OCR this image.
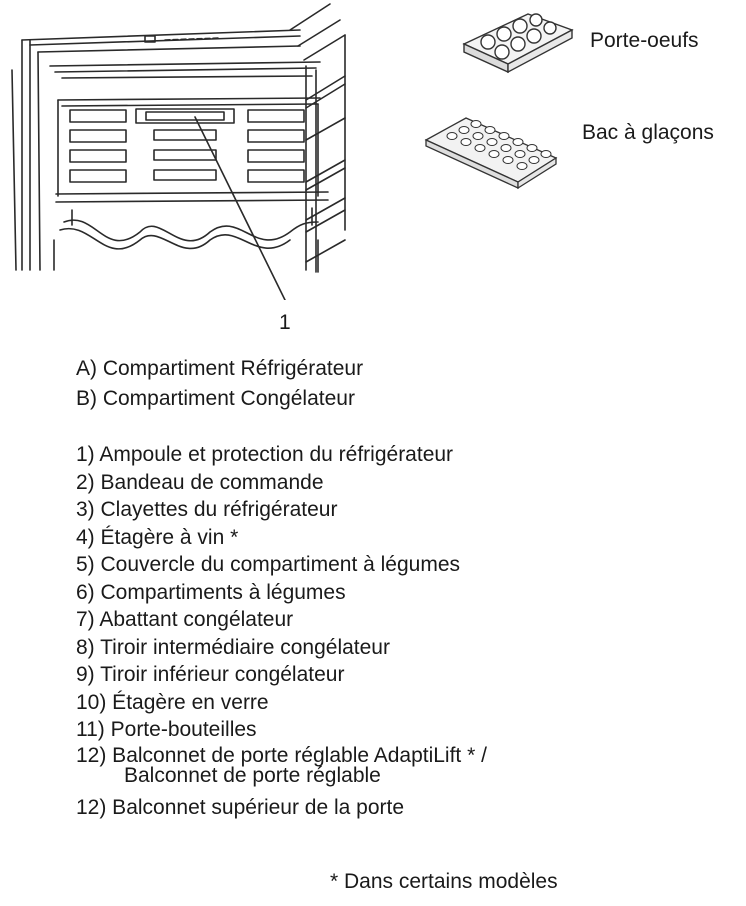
Porte-oeufs
Bac à glaçons
1
A) Compartiment Réfrigérateur
B) Compartiment Congélateur
1) Ampoule et protection du réfrigérateur
2) Bandeau de commande
3) Clayettes du réfrigérateur
4) Étagère à vin *
5) Couvercle du compartiment à légumes
6) Compartiments à légumes
7) Abattant congélateur
8) Tiroir intermédiaire congélateur
9) Tiroir inférieur congélateur
10) Étagère en verre
11) Porte-bouteilles
12) Balconnet de porte réglable AdaptiLift * /
Balconnet de porte réglable
12) Balconnet supérieur de la porte
* Dans certains modèles
